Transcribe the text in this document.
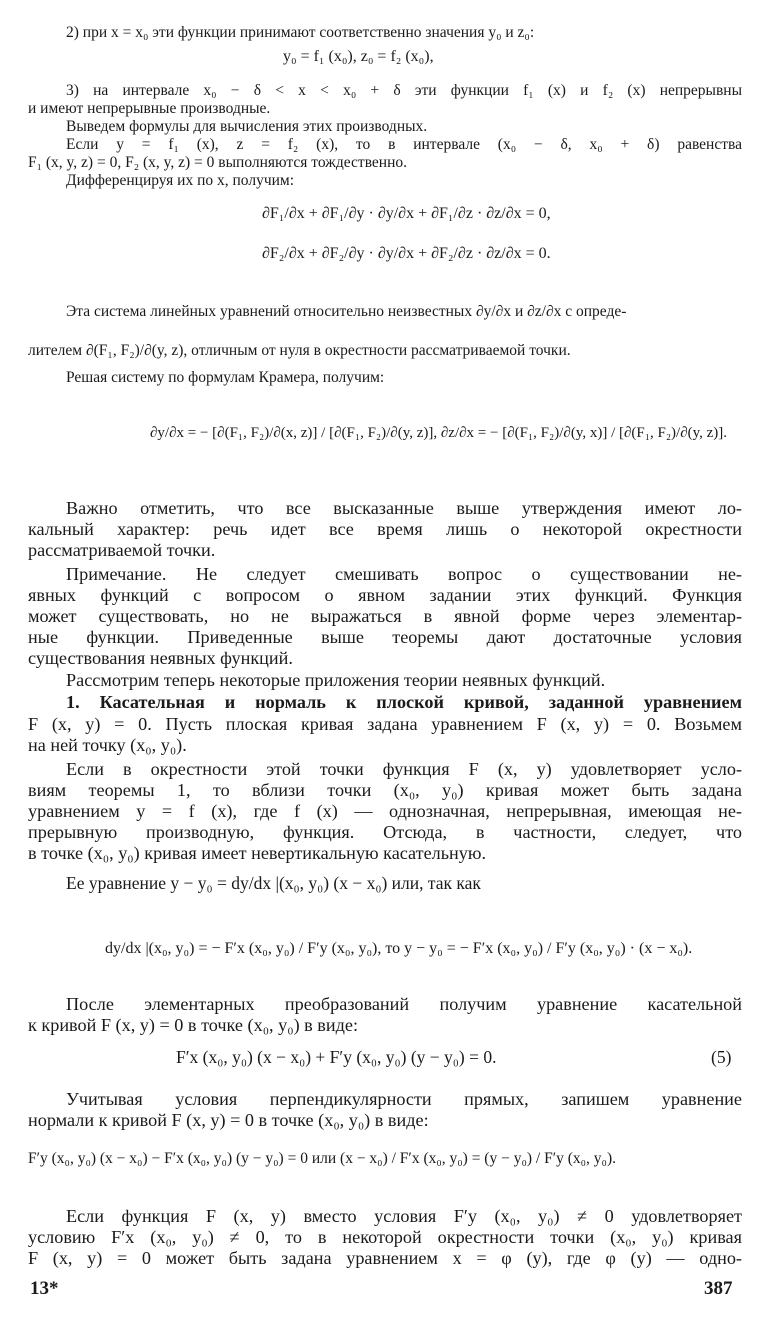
2) при x = x₀ эти функции принимают соответственно значения y₀ и z₀:
y₀ = f₁ (x₀), z₀ = f₂ (x₀),
3) на интервале x₀ − δ < x < x₀ + δ эти функции f₁ (x) и f₂ (x) непрерывны
и имеют непрерывные производные.
Выведем формулы для вычисления этих производных.
Если y = f₁ (x), z = f₂ (x), то в интервале (x₀ − δ, x₀ + δ) равенства
F₁ (x, y, z) = 0, F₂ (x, y, z) = 0 выполняются тождественно.
Дифференцируя их по x, получим:
∂F₁/∂x + ∂F₁/∂y · ∂y/∂x + ∂F₁/∂z · ∂z/∂x = 0,
∂F₂/∂x + ∂F₂/∂y · ∂y/∂x + ∂F₂/∂z · ∂z/∂x = 0.
Эта система линейных уравнений относительно неизвестных ∂y/∂x и ∂z/∂x с опреде-
лителем ∂(F₁, F₂)/∂(y, z), отличным от нуля в окрестности рассматриваемой точки.
Решая систему по формулам Крамера, получим:
∂y/∂x = − [∂(F₁, F₂)/∂(x, z)] / [∂(F₁, F₂)/∂(y, z)], ∂z/∂x = − [∂(F₁, F₂)/∂(y, x)] / [∂(F₁, F₂)/∂(y, z)].
Важно отметить, что все высказанные выше утверждения имеют ло-
кальный характер: речь идет все время лишь о некоторой окрестности
рассматриваемой точки.
Примечание. Не следует смешивать вопрос о существовании не-
явных функций с вопросом о явном задании этих функций. Функция
может существовать, но не выражаться в явной форме через элементар-
ные функции. Приведенные выше теоремы дают достаточные условия
существования неявных функций.
Рассмотрим теперь некоторые приложения теории неявных функций.
1. Касательная и нормаль к плоской кривой, заданной уравнением
F (x, y) = 0. Пусть плоская кривая задана уравнением F (x, y) = 0. Возьмем
на ней точку (x₀, y₀).
Если в окрестности этой точки функция F (x, y) удовлетворяет усло-
виям теоремы 1, то вблизи точки (x₀, y₀) кривая может быть задана
уравнением y = f (x), где f (x) — однозначная, непрерывная, имеющая не-
прерывную производную, функция. Отсюда, в частности, следует, что
в точке (x₀, y₀) кривая имеет невертикальную касательную.
Ее уравнение y − y₀ = dy/dx |(x₀, y₀) (x − x₀) или, так как
dy/dx |(x₀, y₀) = − F′x (x₀, y₀) / F′y (x₀, y₀), то y − y₀ = − F′x (x₀, y₀) / F′y (x₀, y₀) · (x − x₀).
После элементарных преобразований получим уравнение касательной
к кривой F (x, y) = 0 в точке (x₀, y₀) в виде:
F′x (x₀, y₀) (x − x₀) + F′y (x₀, y₀) (y − y₀) = 0.	(5)
Учитывая условия перпендикулярности прямых, запишем уравнение
нормали к кривой F (x, y) = 0 в точке (x₀, y₀) в виде:
F′y (x₀, y₀) (x − x₀) − F′x (x₀, y₀) (y − y₀) = 0 или (x − x₀) / F′x (x₀, y₀) = (y − y₀) / F′y (x₀, y₀).
Если функция F (x, y) вместо условия F′y (x₀, y₀) ≠ 0 удовлетворяет
условию F′x (x₀, y₀) ≠ 0, то в некоторой окрестности точки (x₀, y₀) кривая
F (x, y) = 0 может быть задана уравнением x = φ (y), где φ (y) — одно-
13*	387
